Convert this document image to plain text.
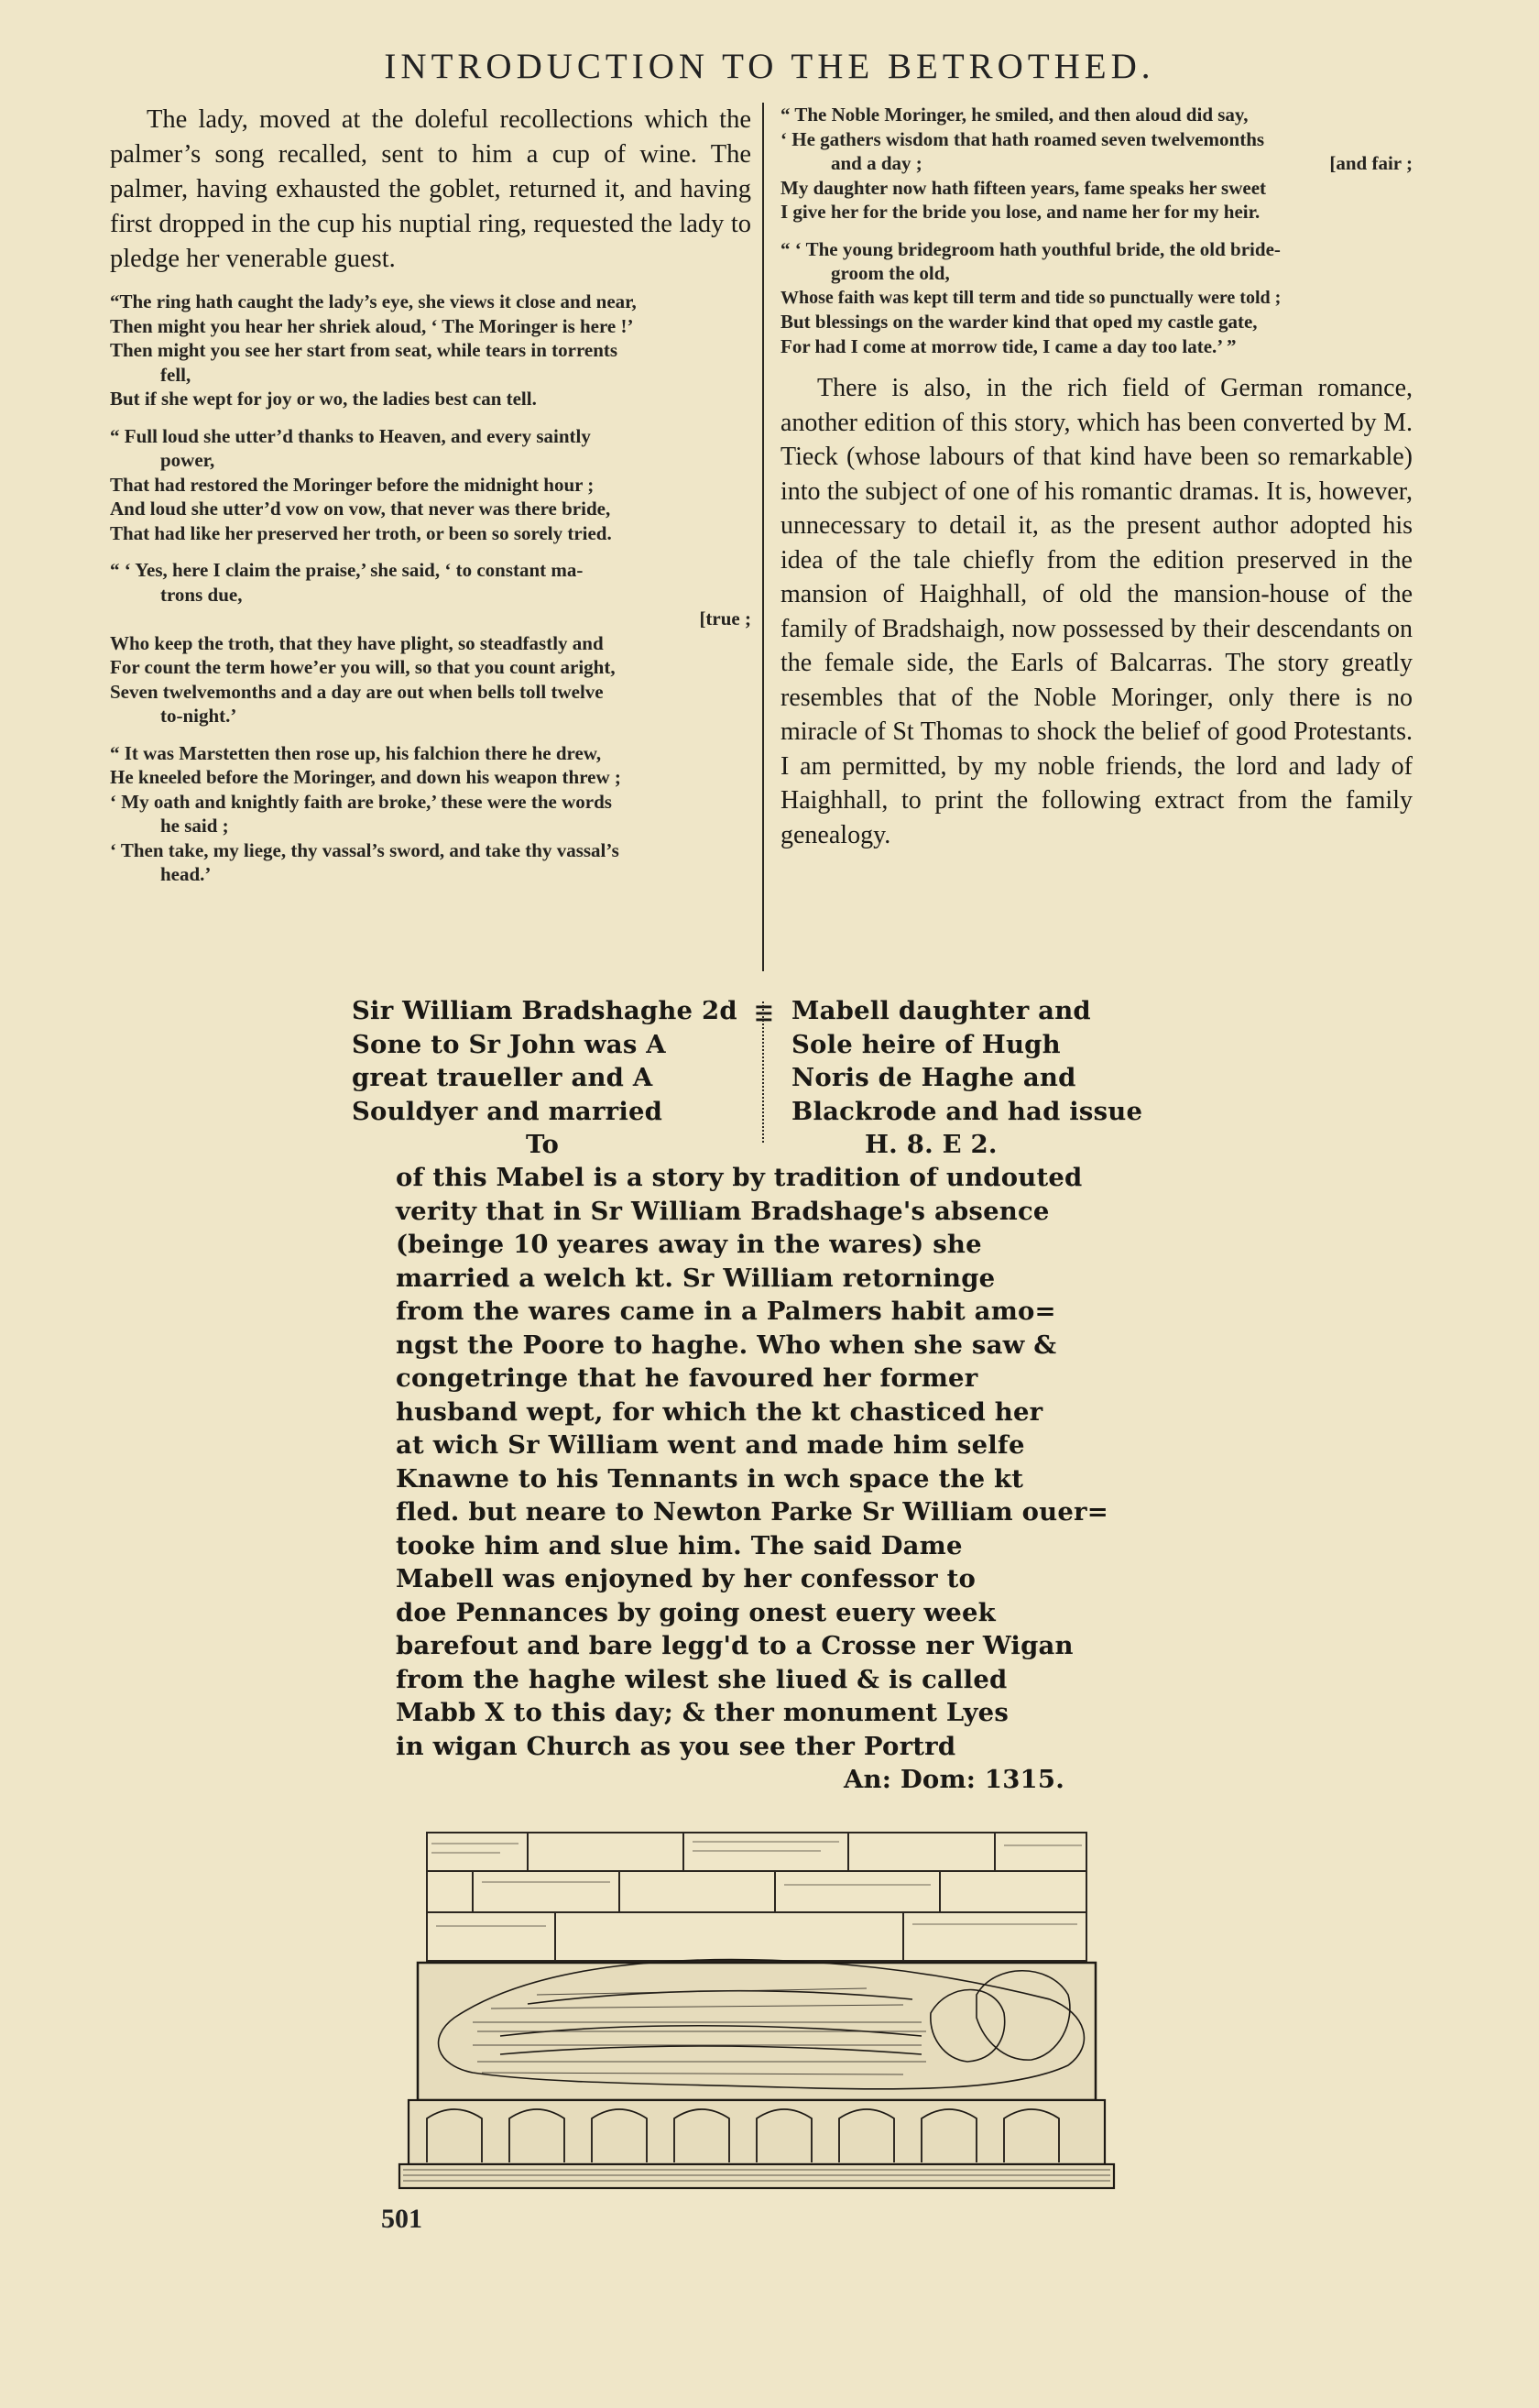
INTRODUCTION TO THE BETROTHED.

The lady, moved at the doleful recollections which the palmer’s song recalled, sent to him a cup of wine. The palmer, having exhausted the goblet, returned it, and having first dropped in the cup his nuptial ring, requested the lady to pledge her venerable guest.

“The ring hath caught the lady’s eye, she views it close and near,
Then might you hear her shriek aloud, ‘ The Moringer is here !’
Then might you see her start from seat, while tears in torrents
fell,
But if she wept for joy or wo, the ladies best can tell.
“ Full loud she utter’d thanks to Heaven, and every saintly
power,
That had restored the Moringer before the midnight hour ;
And loud she utter’d vow on vow, that never was there bride,
That had like her preserved her troth, or been so sorely tried.
“ ‘ Yes, here I claim the praise,’ she said, ‘ to constant ma-
trons due,
[true ;
Who keep the troth, that they have plight, so steadfastly and
For count the term howe’er you will, so that you count aright,
Seven twelvemonths and a day are out when bells toll twelve
to-night.’
“ It was Marstetten then rose up, his falchion there he drew,
He kneeled before the Moringer, and down his weapon threw ;
‘ My oath and knightly faith are broke,’ these were the words
he said ;
‘ Then take, my liege, thy vassal’s sword, and take thy vassal’s
head.’
“ The Noble Moringer, he smiled, and then aloud did say,
‘ He gathers wisdom that hath roamed seven twelvemonths
and a day ;	[and fair ;
My daughter now hath fifteen years, fame speaks her sweet
I give her for the bride you lose, and name her for my heir.
“ ‘ The young bridegroom hath youthful bride, the old bride-
groom the old,
Whose faith was kept till term and tide so punctually were told ;
But blessings on the warder kind that oped my castle gate,
For had I come at morrow tide, I came a day too late.’ ”

There is also, in the rich field of German romance, another edition of this story, which has been converted by M. Tieck (whose labours of that kind have been so remarkable) into the subject of one of his romantic dramas. It is, however, unnecessary to detail it, as the present author adopted his idea of the tale chiefly from the edition preserved in the mansion of Haighhall, of old the mansion-house of the family of Bradshaigh, now possessed by their descendants on the female side, the Earls of Balcarras. The story greatly resembles that of the Noble Moringer, only there is no miracle of St Thomas to shock the belief of good Protestants. I am permitted, by my noble friends, the lord and lady of Haighhall, to print the following extract from the family genealogy.

Sir William Bradshaghe 2d
Sone to Sr John was A
great traueller and A
Souldyer and married
To
☰ Mabell daughter and
Sole heire of Hugh
Noris de Haghe and
Blackrode and had issue
H. 8. E 2.
of this Mabel is a story by tradition of undouted
verity that in Sr William Bradshage's absence
(beinge 10 yeares away in the wares) she
married a welch kt. Sr William retorninge
from the wares came in a Palmers habit amo=
ngst the Poore to haghe. Who when she saw &
congetringe that he favoured her former
husband wept, for which the kt chasticed her
at wich Sr William went and made him selfe
Knawne to his Tennants in wch space the kt
fled. but neare to Newton Parke Sr William ouer=
tooke him and slue him. The said Dame
Mabell was enjoyned by her confessor to
doe Pennances by going onest euery week
barefout and bare legg'd to a Crosse ner Wigan
from the haghe wilest she liued & is called
Mabb X to this day; & ther monument Lyes
in wigan Church as you see ther Portrd
An: Dom: 1315.
501
